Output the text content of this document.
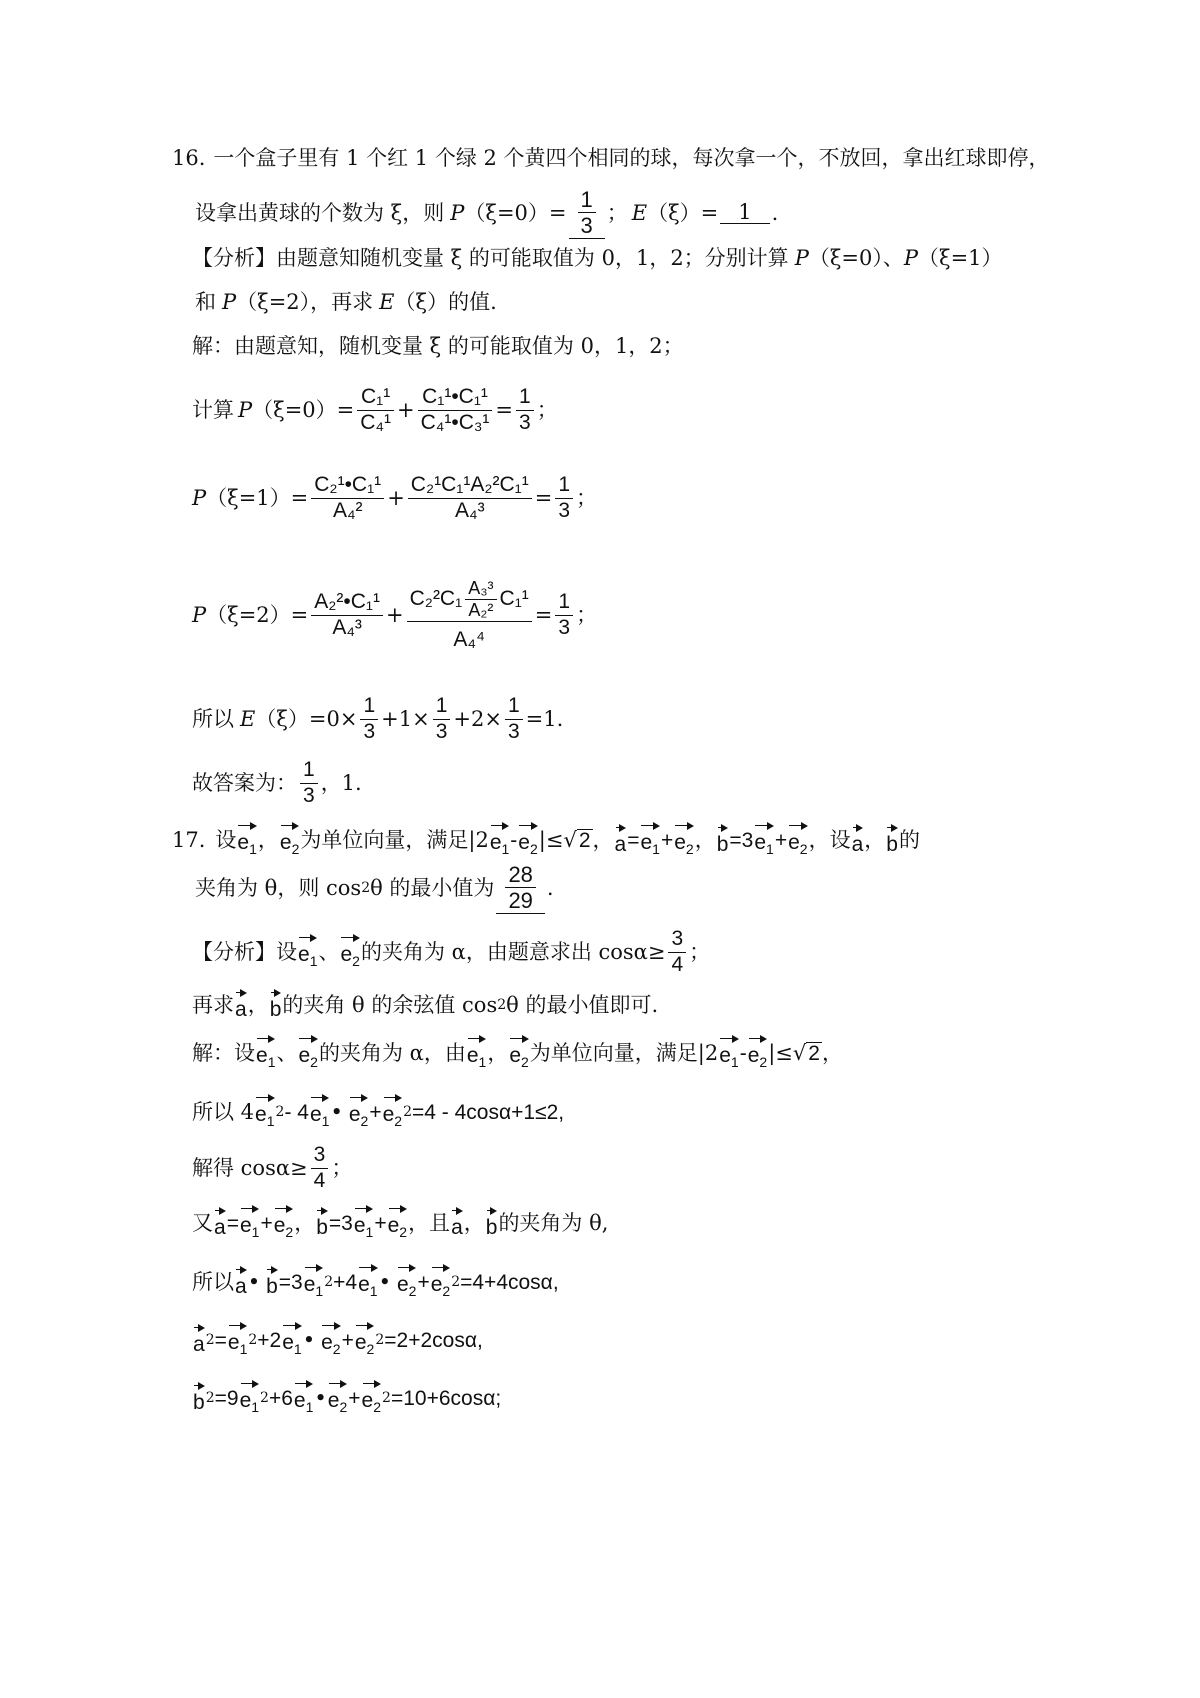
16. 一个盒子里有 1 个红 1 个绿 2 个黄四个相同的球，每次拿一个，不放回，拿出红球即停，
设拿出黄球的个数为 ξ，则 P $(\xi=0)= \frac{1}{3}$ ； E （ξ）= 1 .
【分析】 由题意知随机变量 ξ 的可能取值为 0，1，2；分别计算 P （ξ=0）、 P （ξ=1）
和 P （ξ=2），再求 E （ξ）的值.
解： 由题意知，随机变量 ξ 的可能取值为 0，1，2；
计算 P $(\xi=0)= \frac{\text{C₁¹}}{\text{C₄¹}} + \frac{\text{C₁¹•C₁¹}}{\text{C₄¹•C₃¹}} = \frac{1}{3}$ ；
P $(\xi=1)= \frac{\text{C₂¹•C₁¹}}{\text{A₄²}} + \frac{\text{C₂¹C₁¹A₂²C₁¹}}{\text{A₄³}} = \frac{1}{3}$ ；
P $(\xi=2)= \frac{\text{A₂²•C₁¹}}{\text{A₄³}}$ +
$C_2^2C_1 \frac{\text{A₃³}}{\text{A₂²}} C_1^1$
A₄⁴
= $\frac{1}{3}$ ；
所以 E $(\xi)=0\times \frac{1}{3} +1\times \frac{1}{3} +2\times \frac{1}{3} =1$.
故答案为： $\frac{1}{3}$ ，1.
17. 设 $e_1$ ， $e_2$ 为单位向量，满足|2 $e_1 - e_2$ |≤ √ 2 ， $a = e_1 + e_2$ ， b =3 $e_1 + e_2$ ，设 a ， b 的
夹角为 θ，则 cos 2 θ 的最小值为 $\frac{28}{29}$ .
【分析】 设 $e_1$ 、 $e_2$ 的夹角为 α，由题意求出 $\cos\alpha\ge \frac{3}{4}$ ；
再求 a ， b 的夹角 θ 的余弦值 cos 2 θ 的最小值即可.
解：设 $e_1$ 、 $e_2$ 的夹角为 α，由 $e_1$ ， $e_2$ 为单位向量，满足|2 $e_1 - e_2$ |≤ √ 2 ，
所以 4 $e_1$
2 - 4 $e_1$ • $e_2 + e_2$
2 =4 - 4cosα+1≤2,
解得 $\cos\alpha\ge \frac{3}{4}$ ；
又 $a = e_1 + e_2$ ， b =3 $e_1 + e_2$ ，且 a ， b 的夹角为 θ,
所以 a • b =3 $e_1$
2 +4 $e_1$ • $e_2 + e_2$
2 =4+4cosα,
a $2 = e_1$
2 +2 $e_1$ • $e_2 + e_2$
2 =2+2cosα,
b 2 =9 $e_1$
2 +6 $e_1$ • $e_2 + e_2$
2 =10+6cosα;
